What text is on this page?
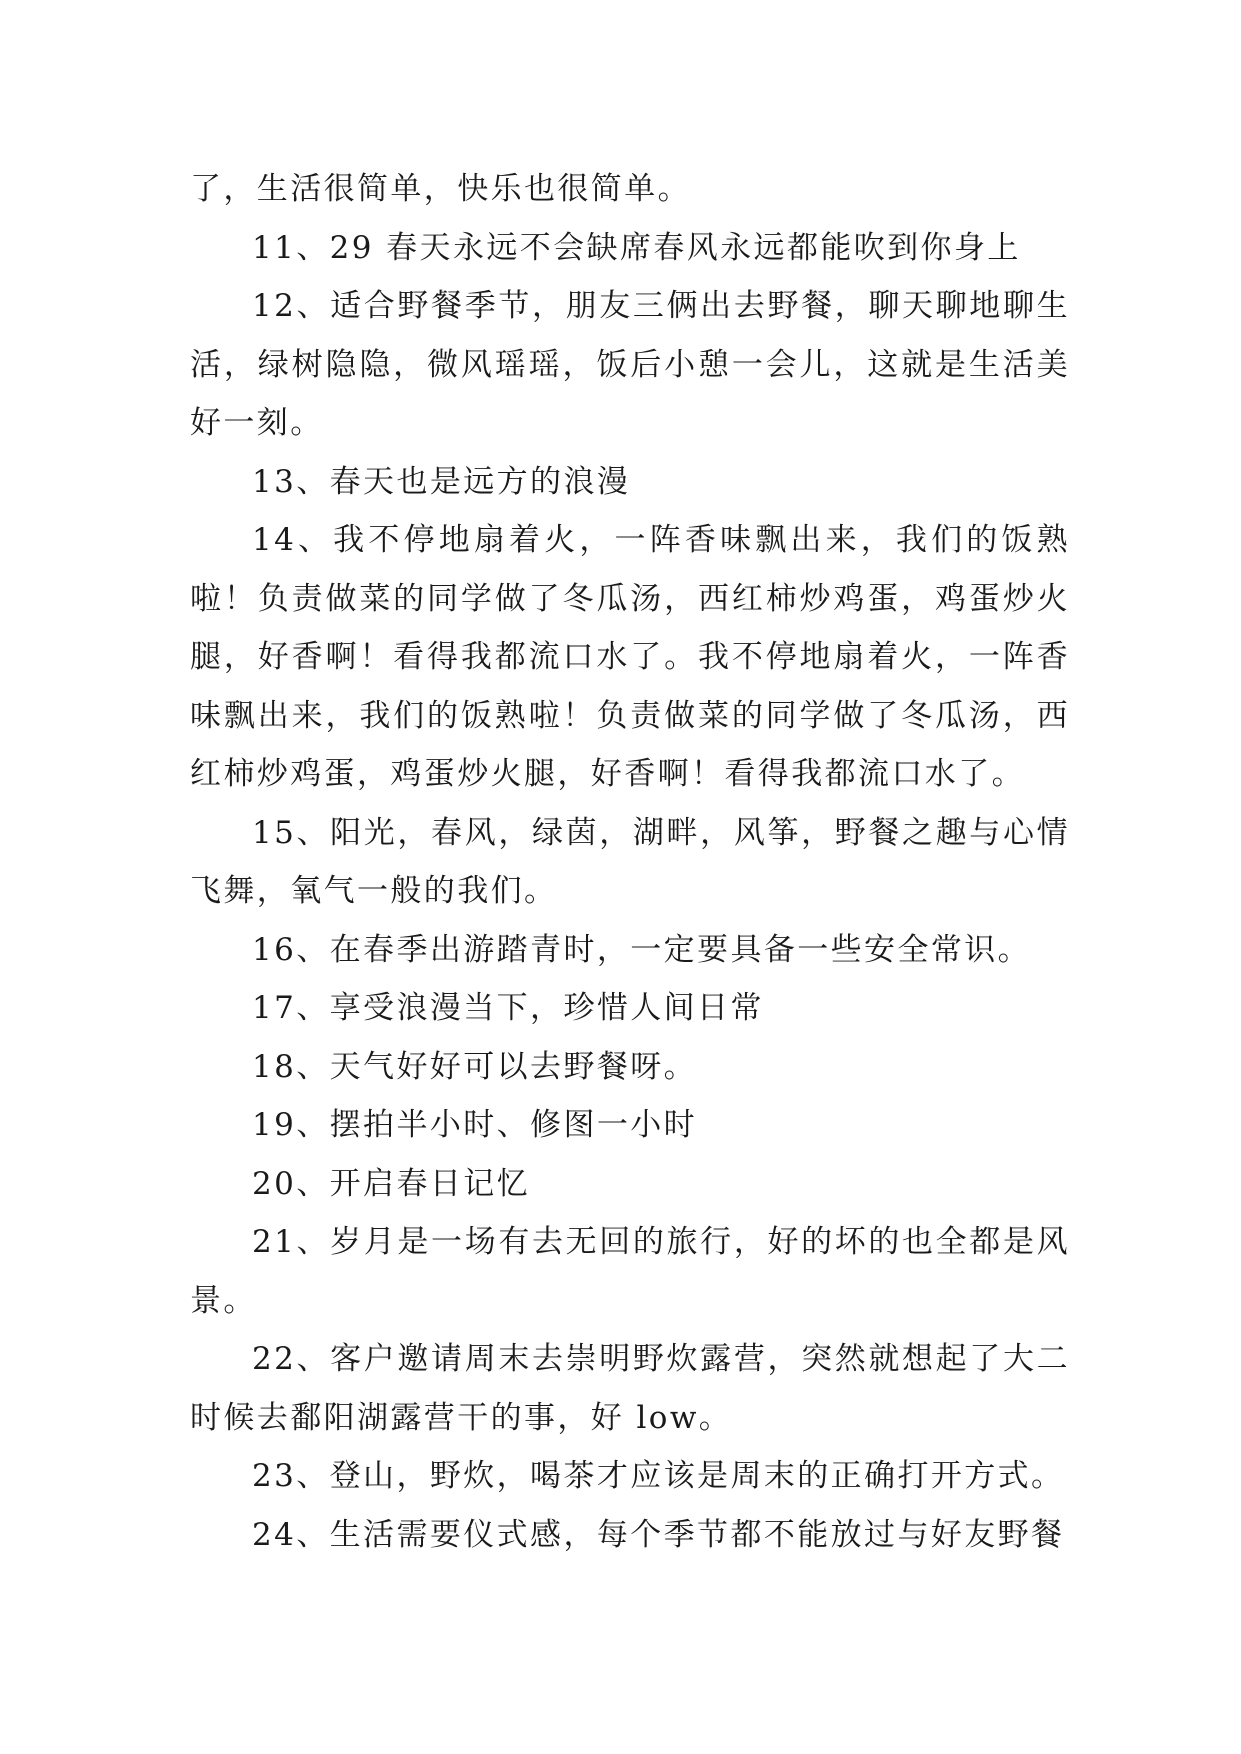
了，生活很简单，快乐也很简单。

11、29 春天永远不会缺席春风永远都能吹到你身上

12、适合野餐季节，朋友三俩出去野餐，聊天聊地聊生活，绿树隐隐，微风瑶瑶，饭后小憩一会儿，这就是生活美好一刻。

13、春天也是远方的浪漫

14、我不停地扇着火，一阵香味飘出来，我们的饭熟啦！负责做菜的同学做了冬瓜汤，西红柿炒鸡蛋，鸡蛋炒火腿，好香啊！看得我都流口水了。我不停地扇着火，一阵香味飘出来，我们的饭熟啦！负责做菜的同学做了冬瓜汤，西红柿炒鸡蛋，鸡蛋炒火腿，好香啊！看得我都流口水了。

15、阳光，春风，绿茵，湖畔，风筝，野餐之趣与心情飞舞，氧气一般的我们。

16、在春季出游踏青时，一定要具备一些安全常识。

17、享受浪漫当下，珍惜人间日常

18、天气好好可以去野餐呀。

19、摆拍半小时、修图一小时

20、开启春日记忆

21、岁月是一场有去无回的旅行，好的坏的也全都是风景。

22、客户邀请周末去崇明野炊露营，突然就想起了大二时候去鄱阳湖露营干的事，好 low。

23、登山，野炊，喝茶才应该是周末的正确打开方式。

24、生活需要仪式感，每个季节都不能放过与好友野餐
